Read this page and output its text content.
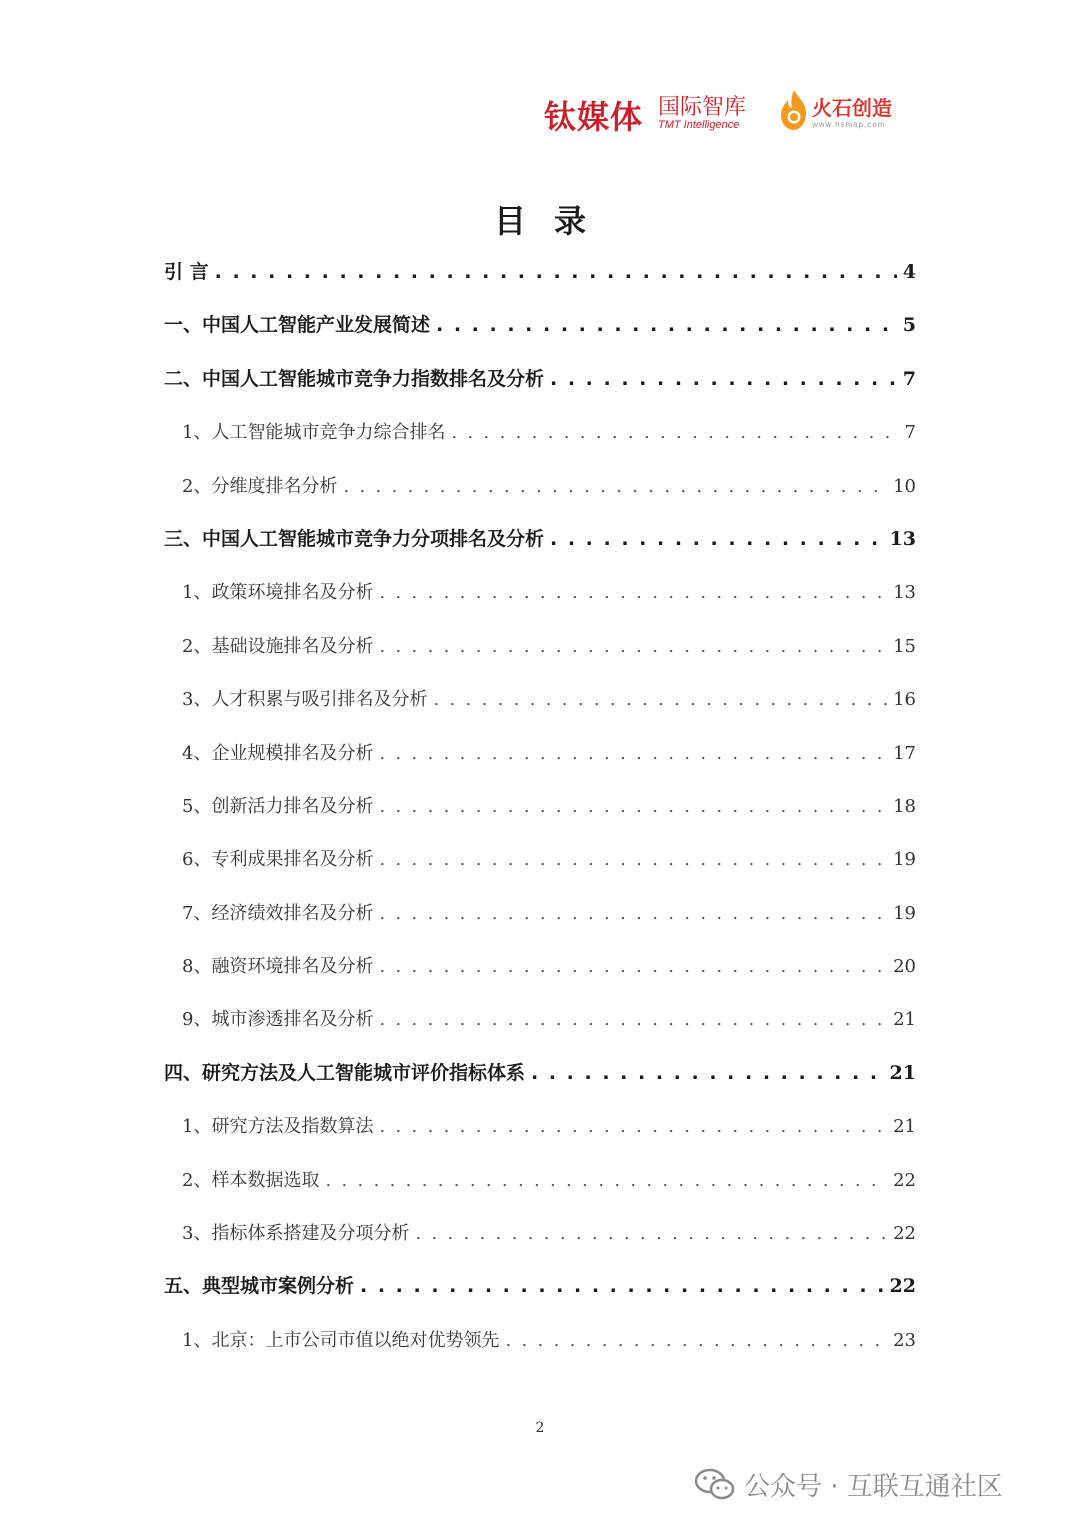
钛媒体 国际智库
TMT Intelligence
火石创造
www.hsmap.com
目录
引 言 . . .	4
一、中国人工智能产业发展简述 . . .	5
二、中国人工智能城市竞争力指数排名及分析 . . .	7
1、人工智能城市竞争力综合排名 . . .	7
2、分维度排名分析 . . .	10
三、中国人工智能城市竞争力分项排名及分析 . . .	13
1、政策环境排名及分析 . . .	13
2、基础设施排名及分析 . . .	15
3、人才积累与吸引排名及分析 . . .	16
4、企业规模排名及分析 . . .	17
5、创新活力排名及分析 . . .	18
6、专利成果排名及分析 . . .	19
7、经济绩效排名及分析 . . .	19
8、融资环境排名及分析 . . .	20
9、城市渗透排名及分析 . . .	21
四、研究方法及人工智能城市评价指标体系 . . .	21
1、研究方法及指数算法 . . .	21
2、样本数据选取 . . .	22
3、指标体系搭建及分项分析 . . .	22
五、典型城市案例分析 . . .	22
1、北京：上市公司市值以绝对优势领先 . . .	23
2
公众号 · 互联互通社区
